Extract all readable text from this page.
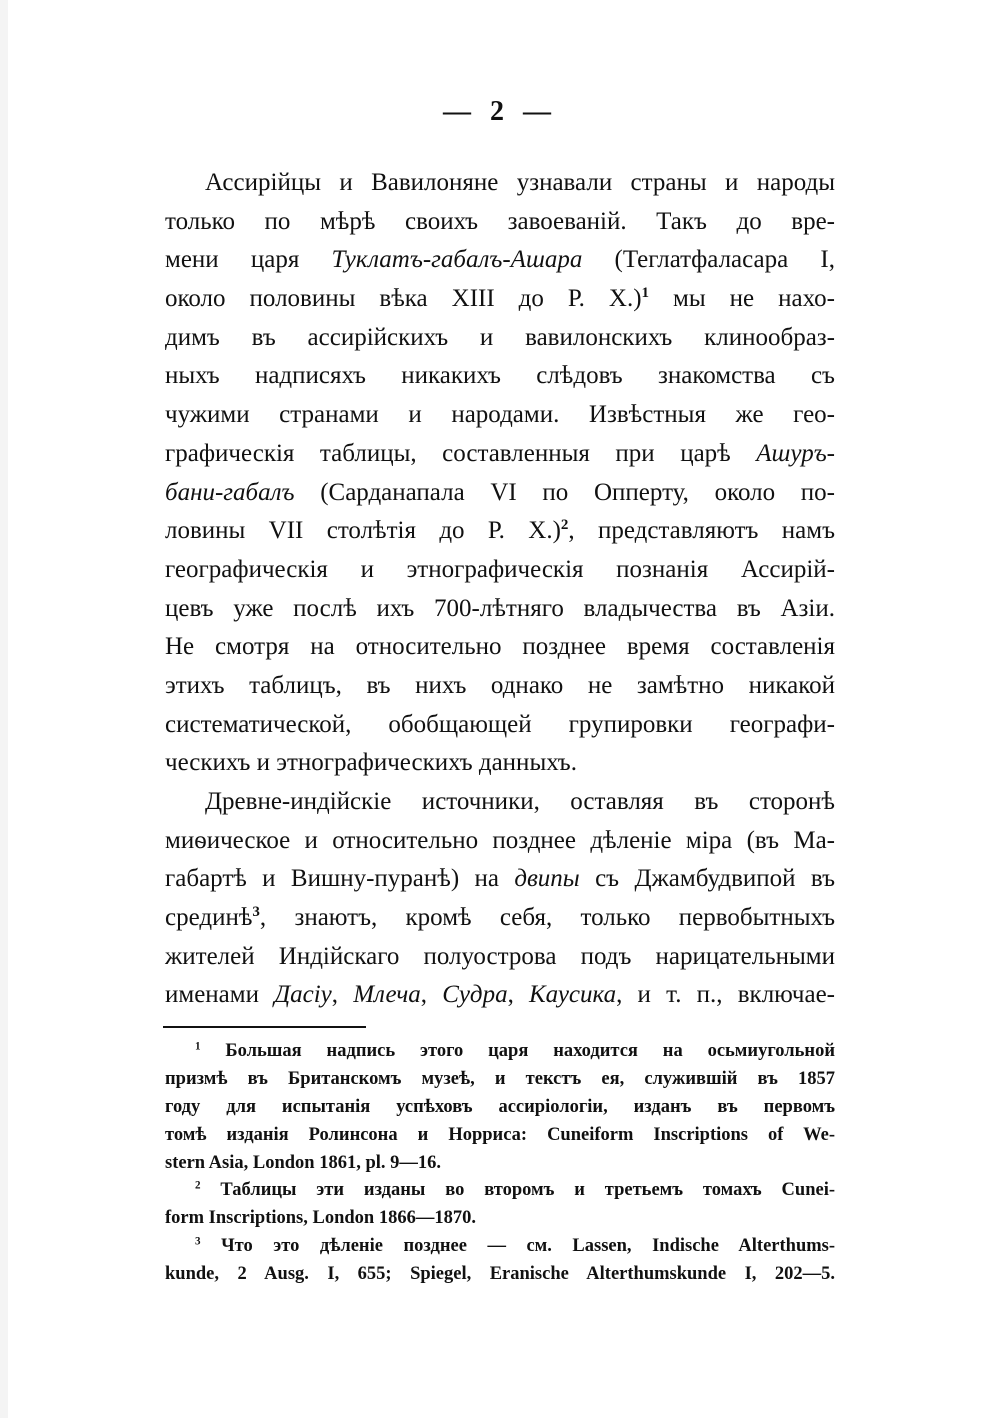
— 2 —
Ассирійцы и Вавилоняне узнавали страны и народы
только по мѣрѣ своихъ завоеваній. Такъ до вре-
мени царя Туклатъ-габалъ-Ашара (Теглатфаласара I,
около половины вѣка XIII до Р. Х.)$^1$ мы не нахо-
димъ въ ассирійскихъ и вавилонскихъ клинообраз-
ныхъ надписяхъ никакихъ слѣдовъ знакомства съ
чужими странами и народами. Извѣстныя же гео-
графическія таблицы, составленныя при царѣ Ашуръ-
бани-габалъ (Сарданапала VI по Опперту, около по-
ловины VII столѣтія до Р. Х.)$^2$, представляютъ намъ
географическія и этнографическія познанія Ассирій-
цевъ уже послѣ ихъ 700-лѣтняго владычества въ Азіи.
Не смотря на относительно позднее время составленія
этихъ таблицъ, въ нихъ однако не замѣтно никакой
систематической, обобщающей групировки географи-
ческихъ и этнографическихъ данныхъ.
Древне-индійскіе источники, оставляя въ сторонѣ
миѳическое и относительно позднее дѣленіе міра (въ Ма-
габартѣ и Вишну-пуранѣ) на двипы съ Джамбудвипой въ
срединѣ$^3$, знаютъ, кромѣ себя, только первобытныхъ
жителей Индійскаго полуострова подъ нарицательными
именами Дасіу, Млеча, Судра, Каусика, и т. п., включае-
$^1$ Большая надпись этого царя находится на осьмиугольной
призмѣ въ Британскомъ музеѣ, и текстъ ея, служившій въ 1857
году для испытанія успѣховъ ассиріологіи, изданъ въ первомъ
томѣ изданія Ролинсона и Норриса: Cuneiform Inscriptions of We-
stern Asia, London 1861, pl. 9—16.
$^2$ Таблицы эти изданы во второмъ и третьемъ томахъ Cunei-
form Inscriptions, London 1866—1870.
$^3$ Что это дѣленіе позднее — см. Lassen, Indische Alterthums-
kunde, 2 Ausg. I, 655; Spiegel, Eranische Alterthumskunde I, 202—5.
